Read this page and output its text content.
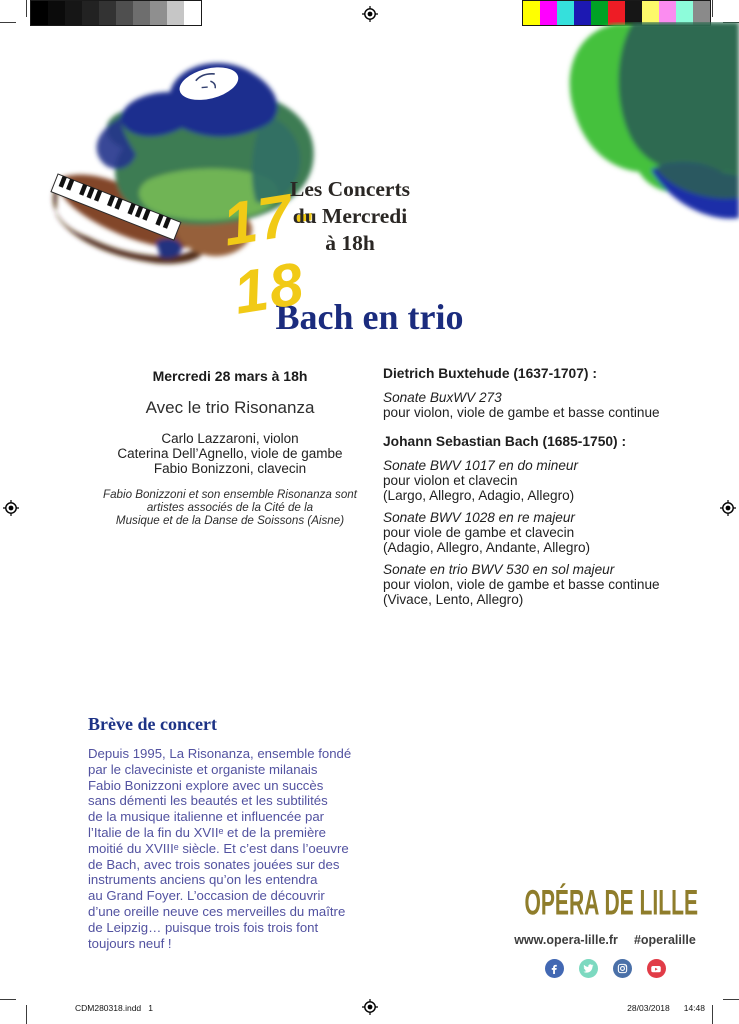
17-18
Les Concerts
du Mercredi
à 18h
Bach en trio
Mercredi 28 mars à 18h
Avec le trio Risonanza
Carlo Lazzaroni, violon
Caterina Dell’Agnello, viole de gambe
Fabio Bonizzoni, clavecin
Fabio Bonizzoni et son ensemble Risonanza sont
artistes associés de la Cité de la
Musique et de la Danse de Soissons (Aisne)
Dietrich Buxtehude (1637-1707) :
Sonate BuxWV 273
pour violon, viole de gambe et basse continue
Johann Sebastian Bach (1685-1750) :
Sonate BWV 1017 en do mineur
pour violon et clavecin
(Largo, Allegro, Adagio, Allegro)
Sonate BWV 1028 en re majeur
pour viole de gambe et clavecin
(Adagio, Allegro, Andante, Allegro)
Sonate en trio BWV 530 en sol majeur
pour violon, viole de gambe et basse continue
(Vivace, Lento, Allegro)
Brève de concert
Depuis 1995, La Risonanza, ensemble fondé
par le claveciniste et organiste milanais
Fabio Bonizzoni explore avec un succès
sans démenti les beautés et les subtilités
de la musique italienne et influencée par
l’Italie de la fin du XVIIᵉ et de la première
moitié du XVIIIᵉ siècle. Et c’est dans l’oeuvre
de Bach, avec trois sonates jouées sur des
instruments anciens qu’on les entendra
au Grand Foyer. L’occasion de découvrir
d’une oreille neuve ces merveilles du maître
de Leipzig… puisque trois fois trois font
toujours neuf !
OPÉRA DE LILLE
www.opera-lille.fr #operalille
CDM280318.indd   1	28/03/2018 14:48
